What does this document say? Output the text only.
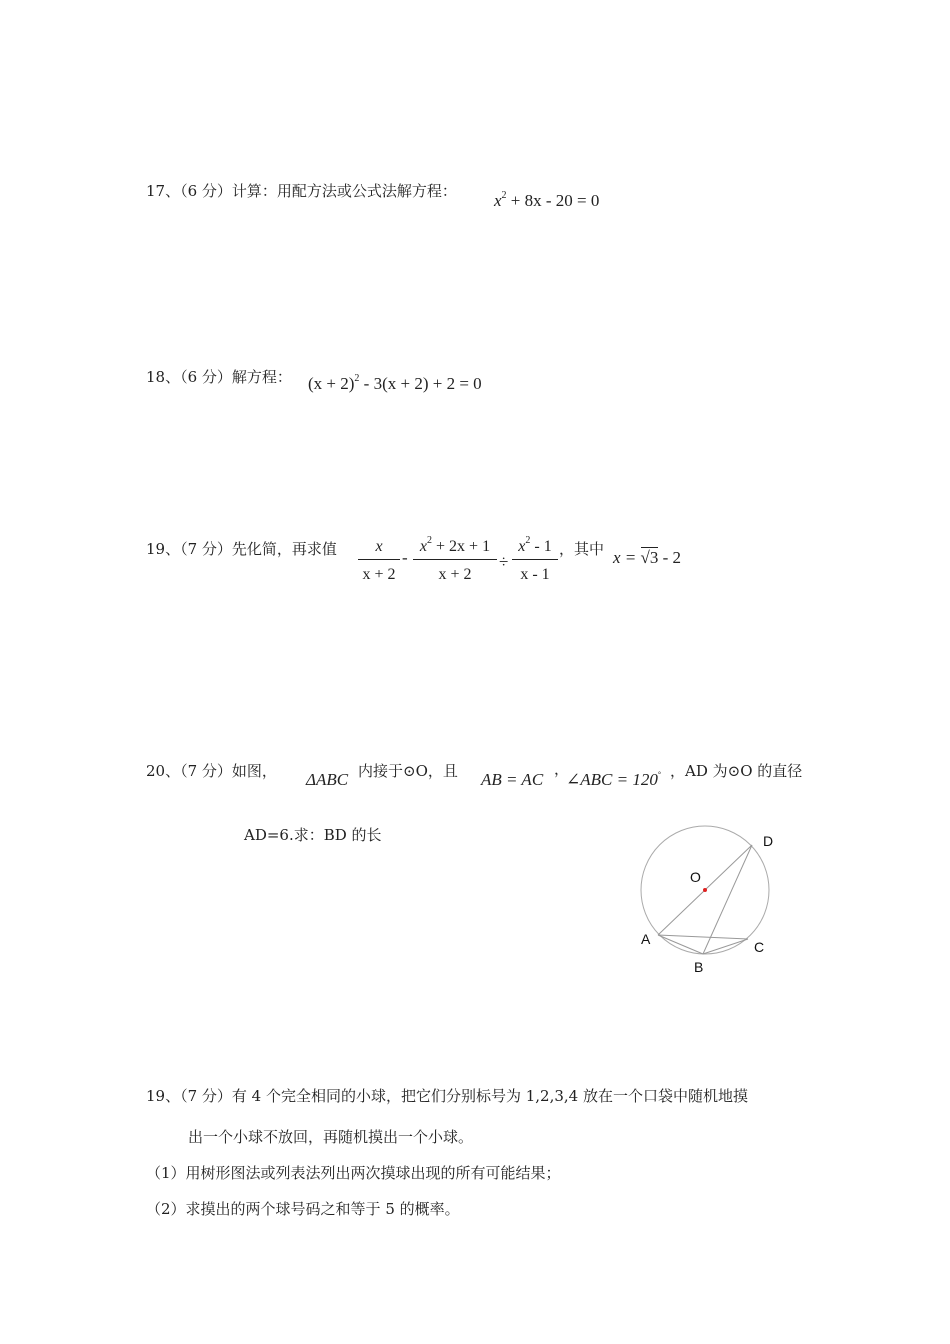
17、（6 分）计算：用配方法或公式法解方程： $x^2 + 8x - 20 = 0$
18、（6 分）解方程： $(x + 2)^2 - 3(x + 2) + 2 = 0$
19、（7 分）先化简，再求值 $\frac{x}{x + 2} - \frac{x^2 + 2x + 1}{x + 2} \div \frac{x^2 - 1}{x - 1}$ ，其中 x = √3 - 2
20、（7 分）如图， ΔABC 内接于⊙O，且 AB = AC
，
∠ABC = 120° ，AD 为⊙O 的直径
AD=6.求：BD 的长
O
A
B
C
D
19、（7 分）有 4 个完全相同的小球，把它们分别标号为 1,2,3,4 放在一个口袋中随机地摸
出一个小球不放回，再随机摸出一个小球。
（1）用树形图法或列表法列出两次摸球出现的所有可能结果；
（2）求摸出的两个球号码之和等于 5 的概率。
